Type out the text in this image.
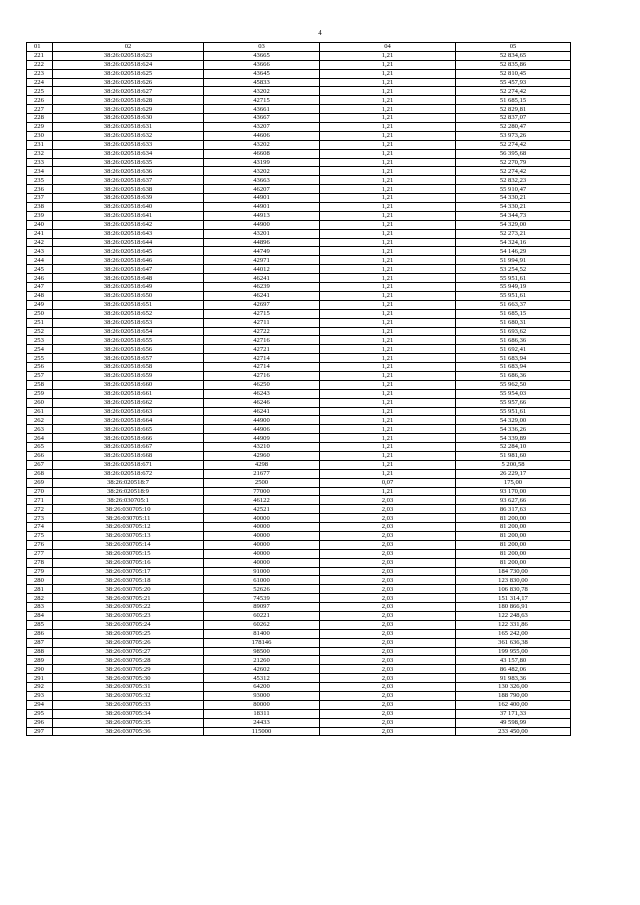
4
01	02	03	04	05
221	38:26:020518:623	43665	1,21	52 834,65
222	38:26:020518:624	43666	1,21	52 835,86
223	38:26:020518:625	43645	1,21	52 810,45
224	38:26:020518:626	45833	1,21	55 457,93
225	38:26:020518:627	43202	1,21	52 274,42
226	38:26:020518:628	42715	1,21	51 685,15
227	38:26:020518:629	43661	1,21	52 829,81
228	38:26:020518:630	43667	1,21	52 837,07
229	38:26:020518:631	43207	1,21	52 280,47
230	38:26:020518:632	44606	1,21	53 973,26
231	38:26:020518:633	43202	1,21	52 274,42
232	38:26:020518:634	46608	1,21	56 395,68
233	38:26:020518:635	43199	1,21	52 270,79
234	38:26:020518:636	43202	1,21	52 274,42
235	38:26:020518:637	43663	1,21	52 832,23
236	38:26:020518:638	46207	1,21	55 910,47
237	38:26:020518:639	44901	1,21	54 330,21
238	38:26:020518:640	44901	1,21	54 330,21
239	38:26:020518:641	44913	1,21	54 344,73
240	38:26:020518:642	44900	1,21	54 329,00
241	38:26:020518:643	43201	1,21	52 273,21
242	38:26:020518:644	44896	1,21	54 324,16
243	38:26:020518:645	44749	1,21	54 146,29
244	38:26:020518:646	42971	1,21	51 994,91
245	38:26:020518:647	44012	1,21	53 254,52
246	38:26:020518:648	46241	1,21	55 951,61
247	38:26:020518:649	46239	1,21	55 949,19
248	38:26:020518:650	46241	1,21	55 951,61
249	38:26:020518:651	42697	1,21	51 663,37
250	38:26:020518:652	42715	1,21	51 685,15
251	38:26:020518:653	42711	1,21	51 680,31
252	38:26:020518:654	42722	1,21	51 693,62
253	38:26:020518:655	42716	1,21	51 686,36
254	38:26:020518:656	42721	1,21	51 692,41
255	38:26:020518:657	42714	1,21	51 683,94
256	38:26:020518:658	42714	1,21	51 683,94
257	38:26:020518:659	42716	1,21	51 686,36
258	38:26:020518:660	46250	1,21	55 962,50
259	38:26:020518:661	46243	1,21	55 954,03
260	38:26:020518:662	46246	1,21	55 957,66
261	38:26:020518:663	46241	1,21	55 951,61
262	38:26:020518:664	44900	1,21	54 329,00
263	38:26:020518:665	44906	1,21	54 336,26
264	38:26:020518:666	44909	1,21	54 339,89
265	38:26:020518:667	43210	1,21	52 284,10
266	38:26:020518:668	42960	1,21	51 981,60
267	38:26:020518:671	4298	1,21	5 200,58
268	38:26:020518:672	21677	1,21	26 229,17
269	38:26:020518:7	2500	0,07	175,00
270	38:26:020518:9	77000	1,21	93 170,00
271	38:26:030705:1	46122	2,03	93 627,66
272	38:26:030705:10	42521	2,03	86 317,63
273	38:26:030705:11	40000	2,03	81 200,00
274	38:26:030705:12	40000	2,03	81 200,00
275	38:26:030705:13	40000	2,03	81 200,00
276	38:26:030705:14	40000	2,03	81 200,00
277	38:26:030705:15	40000	2,03	81 200,00
278	38:26:030705:16	40000	2,03	81 200,00
279	38:26:030705:17	91000	2,03	184 730,00
280	38:26:030705:18	61000	2,03	123 830,00
281	38:26:030705:20	52626	2,03	106 830,78
282	38:26:030705:21	74539	2,03	151 314,17
283	38:26:030705:22	89097	2,03	180 866,91
284	38:26:030705:23	60221	2,03	122 248,63
285	38:26:030705:24	60262	2,03	122 331,86
286	38:26:030705:25	81400	2,03	165 242,00
287	38:26:030705:26	178146	2,03	361 636,38
288	38:26:030705:27	98500	2,03	199 955,00
289	38:26:030705:28	21260	2,03	43 157,80
290	38:26:030705:29	42602	2,03	86 482,06
291	38:26:030705:30	45312	2,03	91 983,36
292	38:26:030705:31	64200	2,03	130 326,00
293	38:26:030705:32	93000	2,03	188 790,00
294	38:26:030705:33	80000	2,03	162 400,00
295	38:26:030705:34	18311	2,03	37 171,33
296	38:26:030705:35	24433	2,03	49 598,99
297	38:26:030705:36	115000	2,03	233 450,00
